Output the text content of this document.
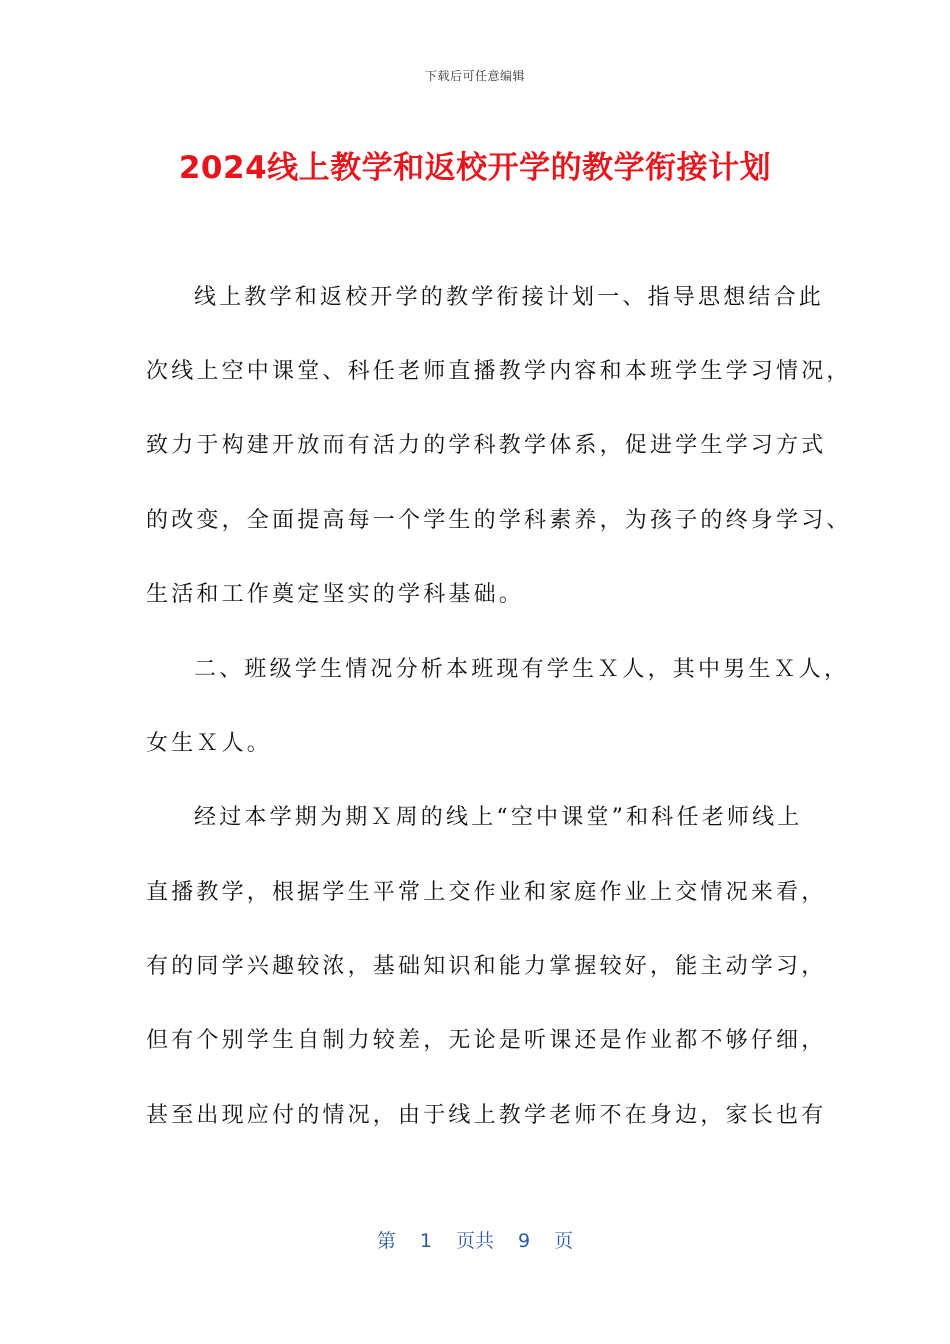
下载后可任意编辑
2024线上教学和返校开学的教学衔接计划
线上教学和返校开学的教学衔接计划一、指导思想结合此
次线上空中课堂、科任老师直播教学内容和本班学生学习情况，
致力于构建开放而有活力的学科教学体系，促进学生学习方式
的改变，全面提高每一个学生的学科素养，为孩子的终身学习、
生活和工作奠定坚实的学科基础。
二、班级学生情况分析本班现有学生Ｘ人，其中男生Ｘ人，
女生Ｘ人。
经过本学期为期Ｘ周的线上“空中课堂”和科任老师线上
直播教学，根据学生平常上交作业和家庭作业上交情况来看，
有的同学兴趣较浓，基础知识和能力掌握较好，能主动学习，
但有个别学生自制力较差，无论是听课还是作业都不够仔细，
甚至出现应付的情况，由于线上教学老师不在身边，家长也有
第 1 页共 9 页
